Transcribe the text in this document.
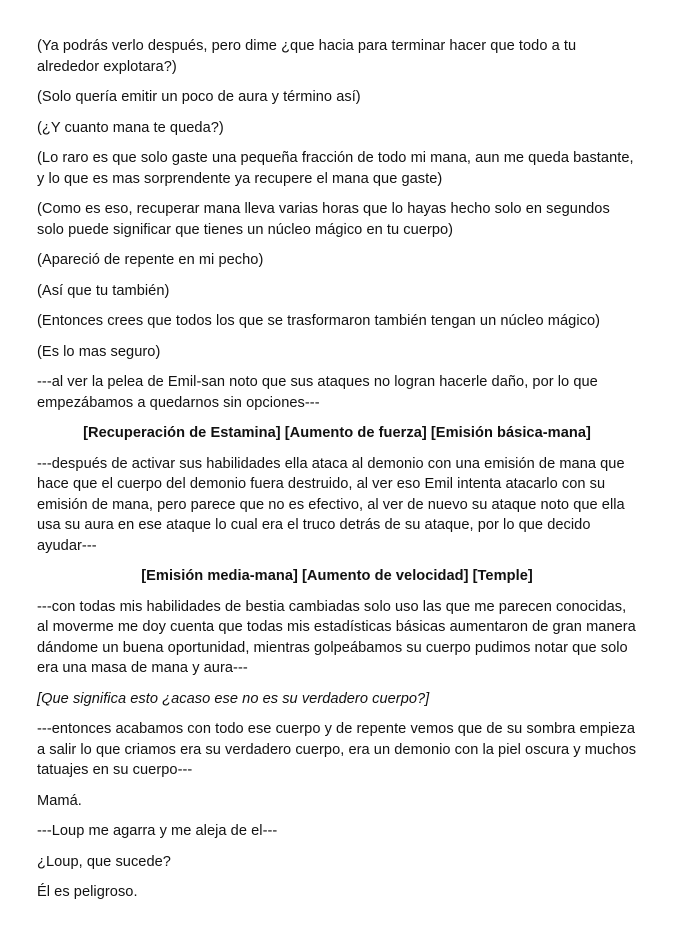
(Ya podrás verlo después, pero dime ¿que hacia para terminar hacer que todo a tu alrededor explotara?)

(Solo quería emitir un poco de aura y término así)

(¿Y cuanto mana te queda?)

(Lo raro es que solo gaste una pequeña fracción de todo mi mana, aun me queda bastante, y lo que es mas sorprendente ya recupere el mana que gaste)

(Como es eso, recuperar mana lleva varias horas que lo hayas hecho solo en segundos solo puede significar que tienes un núcleo mágico en tu cuerpo)

(Apareció de repente en mi pecho)

(Así que tu también)

(Entonces crees que todos los que se trasformaron también tengan un núcleo mágico)

(Es lo mas seguro)

---al ver la pelea de Emil-san noto que sus ataques no logran hacerle daño, por lo que empezábamos a quedarnos sin opciones---

[Recuperación de Estamina] [Aumento de fuerza] [Emisión básica-mana]

---después de activar sus habilidades ella ataca al demonio con una emisión de mana que hace que el cuerpo del demonio fuera destruido, al ver eso Emil intenta atacarlo con su emisión de mana, pero parece que no es efectivo, al ver de nuevo su ataque noto que ella usa su aura en ese ataque lo cual era el truco detrás de su ataque, por lo que decido ayudar---

[Emisión media-mana] [Aumento de velocidad] [Temple]

---con todas mis habilidades de bestia cambiadas solo uso las que me parecen conocidas, al moverme me doy cuenta que todas mis estadísticas básicas aumentaron de gran manera dándome un buena oportunidad, mientras golpeábamos su cuerpo pudimos notar que solo era una masa de mana y aura---

[Que significa esto ¿acaso ese no es su verdadero cuerpo?]

---entonces acabamos con todo ese cuerpo y de repente vemos que de su sombra empieza a salir lo que criamos era su verdadero cuerpo, era un demonio con la piel oscura y muchos tatuajes en su cuerpo---

Mamá.

---Loup me agarra y me aleja de el---

¿Loup, que sucede?

Él es peligroso.
